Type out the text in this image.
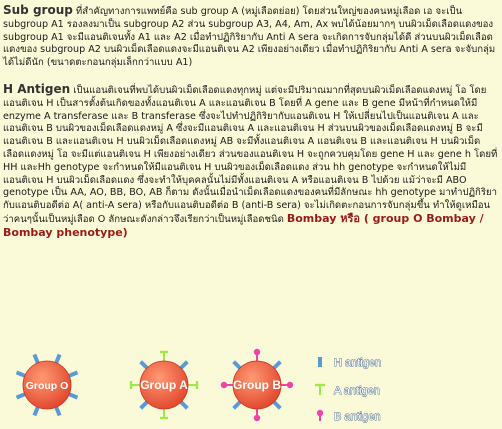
Sub group ที่สำคัญทางการแพทย์คือ sub group A (หมู่เลือดย่อย) โดยส่วนใหญ่ของคนหมู่เลือด เอ จะเป็น subgroup A1 รองลงมาเป็น subgroup A2 ส่วน subgroup A3, A4, Am, Ax พบได้น้อยมากๆ บนผิวเม็ดเลือดแดงของ subgroup A1 จะมีแอนติเจนทั้ง A1 และ A2 เมื่อทำปฏิกิริยากับ Anti A sera จะเกิดการจับกลุ่มได้ดี ส่วนบนผิวเม็ดเลือดแดงของ subgroup A2 บนผิวเม็ดเลือดแดงจะมีแอนติเจน A2 เพียงอย่างเดียว เมื่อทำปฏิกิริยากับ Anti A sera จะจับกลุ่มได้ไม่ดีนัก (ขนาดตะกอนกลุ่มเล็กกว่าแบบ A1)

H Antigen เป็นแอนติเจนที่พบได้บนผิวเม็ดเลือดแดงทุกหมู่ แต่จะมีปริมาณมากที่สุดบนผิวเม็ดเลือดแดงหมู่ โอ โดยแอนติเจน H เป็นสารตั้งต้นเกิดของทั้งแอนติเจน A และแอนติเจน B โดยที่ A gene และ B gene มีหน้าที่กำหนดให้มี enzyme A transferase และ B transferase ซึ่งจะไปทำปฏิกิริยากับแอนติเจน H ให้เปลี่ยนไปเป็นแอนติเจน A และ แอนติเจน B บนผิวของเม็ดเลือดแดงหมู่ A ซึ่งจะมีแอนติเจน A และแอนติเจน H ส่วนบนผิวของเม็ดเลือดแดงหมู่ B จะมีแอนติเจน B และแอนติเจน H บนผิวเม็ดเลือดแดงหมู่ AB จะมีทั้งแอนติเจน A แอนติเจน B และแอนติเจน H บนผิวเม็ดเลือดแดงหมู่ โอ จะมีแต่แอนติเจน H เพียงอย่างเดียว ส่วนของแอนติเจน H จะถูกควบคุมโดย gene H และ gene h โดยที่ HH และHh genotype จะกำหนดให้มีแอนติเจน H บนผิวของเม็ดเลือดแดง ส่วน hh genotype จะกำหนดให้ไม่มีแอนติเจน H บนผิวเม็ดเลือดแดง ซึ่งจะทำให้บุคคลนั้นไม่มีทั้งแอนติเจน A หรือแอนติเจน B ไปด้วย แม้ว่าจะมี ABO genotype เป็น AA, AO, BB, BO, AB ก็ตาม ดังนั้นเมื่อนำเม็ดเลือดแดงของคนที่มีลักษณะ hh genotype มาทำปฏิกิริยากับแอนติบอดีต่อ A( anti-A sera) หรือกับแอนติบอดีต่อ B (anti-B sera) จะไม่เกิดตะกอนการจับกลุ่มขึ้น ทำให้ดูเหมือนว่าคนๆนั้นเป็นหมู่เลือด O ลักษณะดังกล่าวจึงเรียกว่าเป็นหมู่เลือดชนิด Bombay หรือ ( group O Bombay / Bombay phenotype)

Group O	Group A	Group B
H antigen
A antigen
B antigen
